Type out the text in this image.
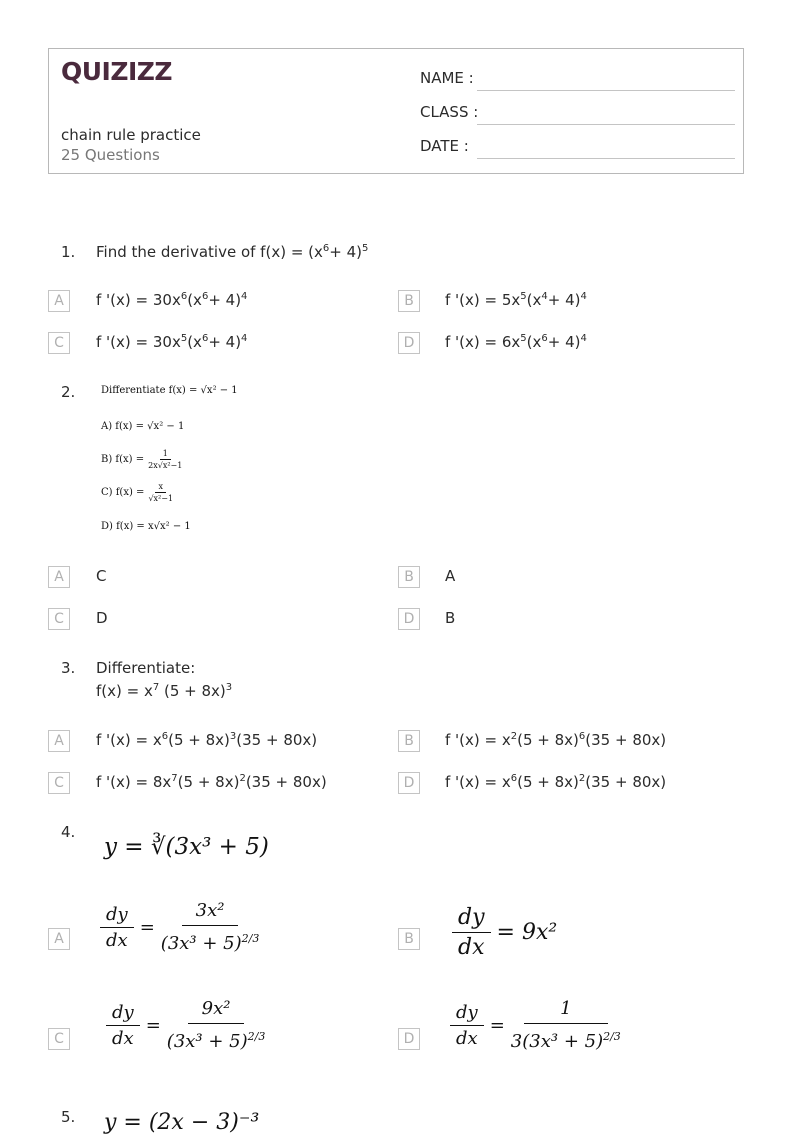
QUIZIZZ
chain rule practice
25 Questions
NAME :
CLASS :
DATE :
1. Find the derivative of $f(x) = (x^6+ 4)^5$
A	f '$(x) = 30x^6(x^6+ 4)^4$	B	f '$(x) = 5x^5(x^4+ 4)^4$
C	f '$(x) = 30x^5(x^6+ 4)^4$	D	f '$(x) = 6x^5(x^6+ 4)^4$
2.	Differentiate f(x) = √x² − 1
A) f(x) = √x² − 1
B) $f(x) = \frac{1}{\text{2x√x²−1}}$
C) $f(x) = \frac{x}{\text{√x²−1}}$
D) f(x) = x√x² − 1
A	C	B	A
C	D	D	B
3. Differentiate:
$f(x) = x^7$ $(5 + 8x)^3$
A	f '$(x) = x^6(5 + 8x)^3(35 + 80x)$	B	f '$(x) = x^2(5 + 8x)^6(35 + 80x)$
C	f '$(x) = 8x^7(5 + 8x)^2(35 + 80x)$	D	f '$(x) = x^6(5 + 8x)^2(35 + 80x)$
4.
y = ∛(3x³ + 5)
A	$\frac{dy}{dx} = \frac{\text{3x²}}{(3x^3 + 5)^{2/3}}$	B $\frac{dy}{dx} = 9x^2$
C	$\frac{dy}{dx} = \frac{\text{9x²}}{(3x^3 + 5)^{2/3}}$	D	$\frac{dy}{dx} = \frac{1}{3(3x^3 + 5)^{2/3}}$
5. y = (2x − 3)⁻³
